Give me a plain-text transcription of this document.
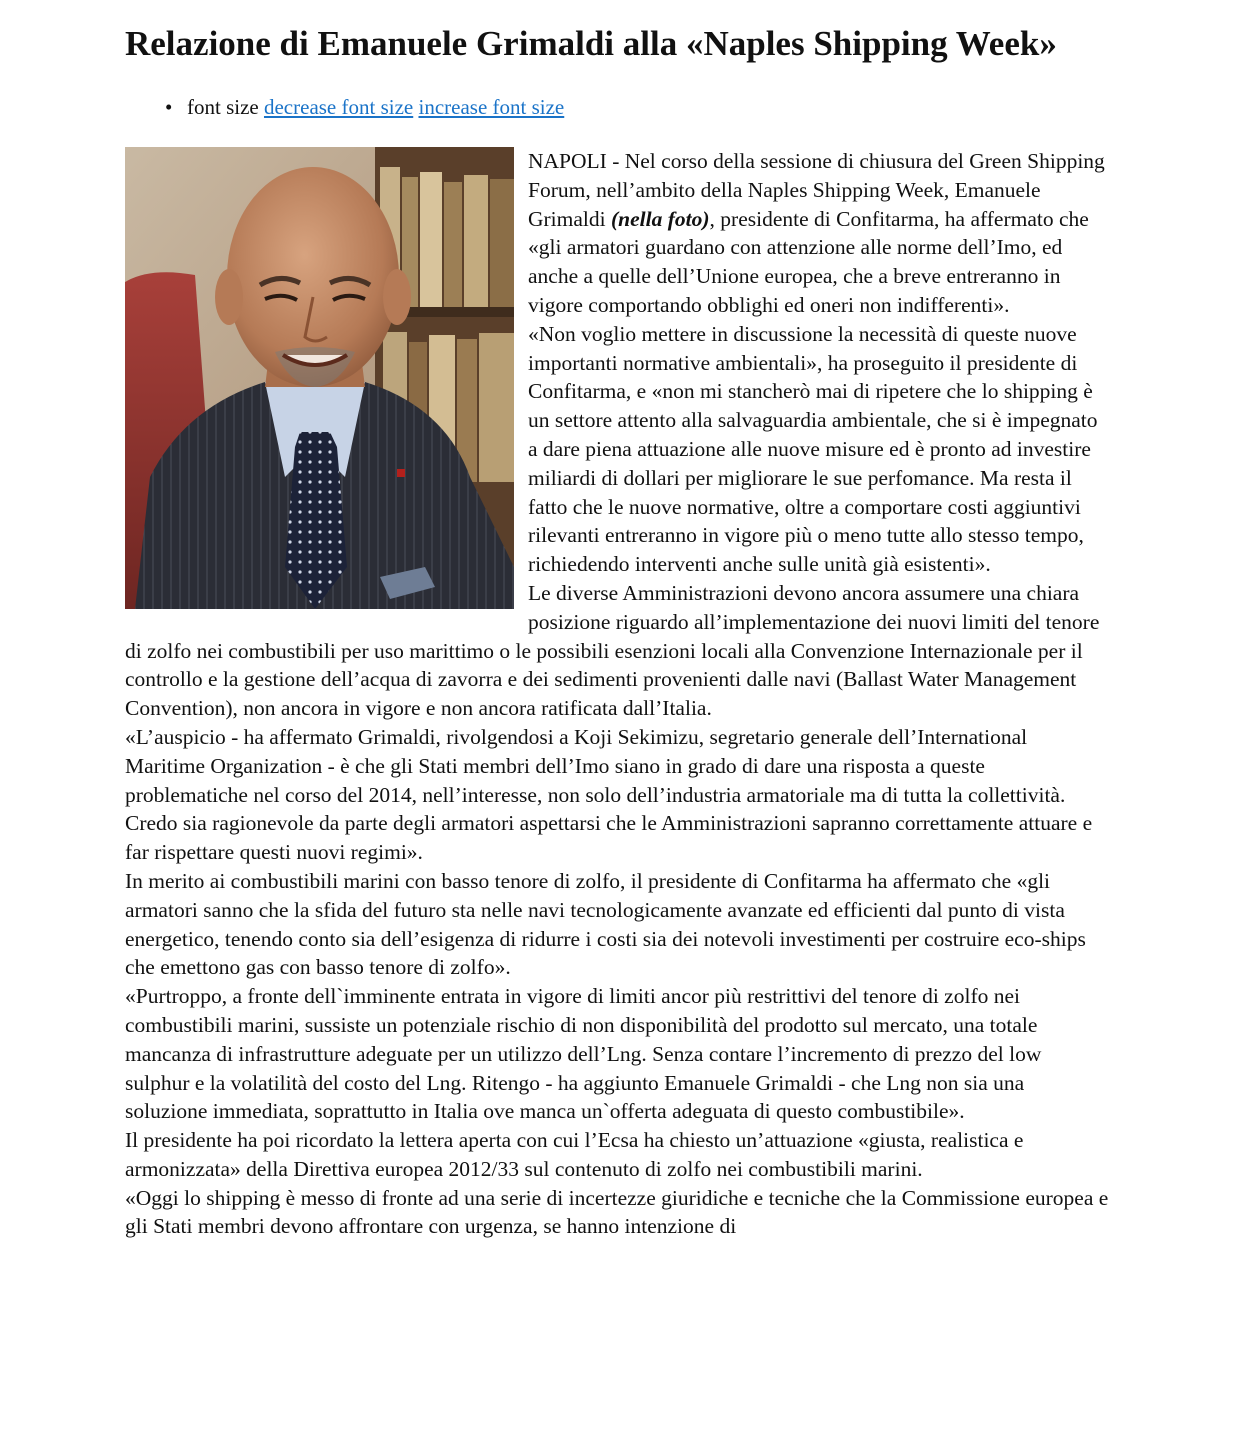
Relazione di Emanuele Grimaldi alla «Naples Shipping Week»
• font size decrease font size increase font size

NAPOLI - Nel corso della sessione di chiusura del Green Shipping Forum, nell’ambito della Naples Shipping Week, Emanuele Grimaldi (nella foto), presidente di Confitarma, ha affermato che «gli armatori guardano con attenzione alle norme dell’Imo, ed anche a quelle dell’Unione europea, che a breve entreranno in vigore comportando obblighi ed oneri non indifferenti».

«Non voglio mettere in discussione la necessità di queste nuove importanti normative ambientali», ha proseguito il presidente di Confitarma, e «non mi stancherò mai di ripetere che lo shipping è un settore attento alla salvaguardia ambientale, che si è impegnato a dare piena attuazione alle nuove misure ed è pronto ad investire miliardi di dollari per migliorare le sue perfomance. Ma resta il fatto che le nuove normative, oltre a comportare costi aggiuntivi rilevanti entreranno in vigore più o meno tutte allo stesso tempo, richiedendo interventi anche sulle unità già esistenti».

Le diverse Amministrazioni devono ancora assumere una chiara posizione riguardo all’implementazione dei nuovi limiti del tenore di zolfo nei combustibili per uso marittimo o le possibili esenzioni locali alla Convenzione Internazionale per il controllo e la gestione dell’acqua di zavorra e dei sedimenti provenienti dalle navi (Ballast Water Management Convention), non ancora in vigore e non ancora ratificata dall’Italia.

«L’auspicio - ha affermato Grimaldi, rivolgendosi a Koji Sekimizu, segretario generale dell’International Maritime Organization - è che gli Stati membri dell’Imo siano in grado di dare una risposta a queste problematiche nel corso del 2014, nell’interesse, non solo dell’industria armatoriale ma di tutta la collettività. Credo sia ragionevole da parte degli armatori aspettarsi che le Amministrazioni sapranno correttamente attuare e far rispettare questi nuovi regimi».

In merito ai combustibili marini con basso tenore di zolfo, il presidente di Confitarma ha affermato che «gli armatori sanno che la sfida del futuro sta nelle navi tecnologicamente avanzate ed efficienti dal punto di vista energetico, tenendo conto sia dell’esigenza di ridurre i costi sia dei notevoli investimenti per costruire eco-ships che emettono gas con basso tenore di zolfo».

«Purtroppo, a fronte dell`imminente entrata in vigore di limiti ancor più restrittivi del tenore di zolfo nei combustibili marini, sussiste un potenziale rischio di non disponibilità del prodotto sul mercato, una totale mancanza di infrastrutture adeguate per un utilizzo dell’Lng. Senza contare l’incremento di prezzo del low sulphur e la volatilità del costo del Lng. Ritengo - ha aggiunto Emanuele Grimaldi - che Lng non sia una soluzione immediata, soprattutto in Italia ove manca un`offerta adeguata di questo combustibile».

Il presidente ha poi ricordato la lettera aperta con cui l’Ecsa ha chiesto un’attuazione «giusta, realistica e armonizzata» della Direttiva europea 2012/33 sul contenuto di zolfo nei combustibili marini.

«Oggi lo shipping è messo di fronte ad una serie di incertezze giuridiche e tecniche che la Commissione europea e gli Stati membri devono affrontare con urgenza, se hanno intenzione di
